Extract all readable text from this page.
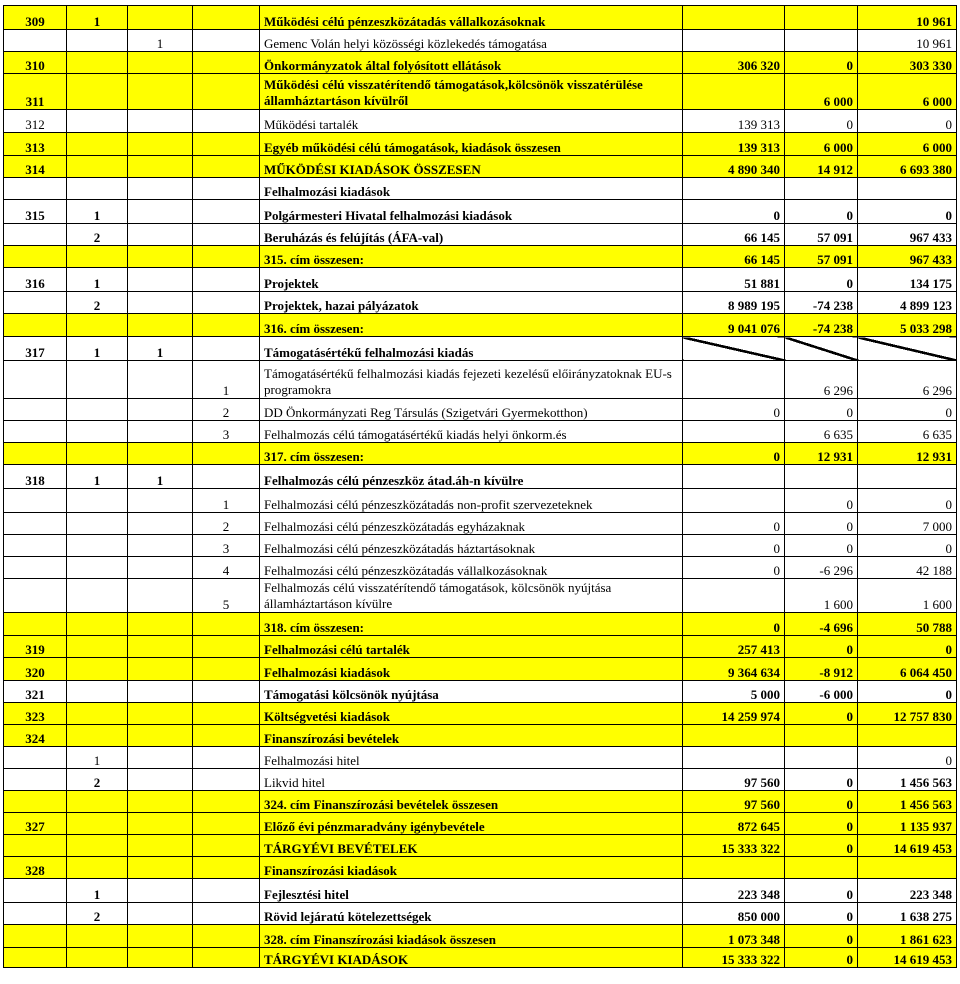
309	1			Működési célú pénzeszközátadás vállalkozásoknak			10 961
		1		Gemenc Volán helyi közösségi közlekedés támogatása			10 961
310				Önkormányzatok által folyósított ellátások	306 320	0	303 330
311				Működési célú visszatérítendő támogatások,kölcsönök visszatérülése államháztartáson kívülről		6 000	6 000
312				Működési tartalék	139 313	0	0
313				Egyéb működési célú támogatások, kiadások összesen	139 313	6 000	6 000
314				MŰKÖDÉSI KIADÁSOK ÖSSZESEN	4 890 340	14 912	6 693 380
				Felhalmozási kiadások			
315	1			Polgármesteri Hivatal felhalmozási kiadások	0	0	0
	2			Beruházás és felújítás (ÁFA-val)	66 145	57 091	967 433
				315. cím összesen:	66 145	57 091	967 433
316	1			Projektek	51 881	0	134 175
	2			Projektek, hazai pályázatok	8 989 195	-74 238	4 899 123
				316. cím összesen:	9 041 076	-74 238	5 033 298
317	1	1		Támogatásértékű felhalmozási kiadás			
			1	Támogatásértékű felhalmozási kiadás fejezeti kezelésű előirányzatoknak EU-s programokra		6 296	6 296
			2	DD Önkormányzati Reg Társulás (Szigetvári Gyermekotthon)	0	0	0
			3	Felhalmozás célú támogatásértékű kiadás helyi önkorm.és		6 635	6 635
				317. cím összesen:	0	12 931	12 931
318	1	1		Felhalmozás célú pénzeszköz átad.áh-n kívülre			
			1	Felhalmozási célú pénzeszközátadás non-profit szervezeteknek		0	0
			2	Felhalmozási célú pénzeszközátadás egyházaknak	0	0	7 000
			3	Felhalmozási célú pénzeszközátadás háztartásoknak	0	0	0
			4	Felhalmozási célú pénzeszközátadás vállalkozásoknak	0	-6 296	42 188
			5	Felhalmozás célú visszatérítendő támogatások, kölcsönök nyújtása államháztartáson kívülre		1 600	1 600
				318. cím összesen:	0	-4 696	50 788
319				Felhalmozási célú tartalék	257 413	0	0
320				Felhalmozási kiadások	9 364 634	-8 912	6 064 450
321				Támogatási kölcsönök nyújtása	5 000	-6 000	0
323				Költségvetési kiadások	14 259 974	0	12 757 830
324				Finanszírozási bevételek			
	1			Felhalmozási hitel			0
	2			Likvid hitel	97 560	0	1 456 563
				324. cím Finanszírozási bevételek összesen	97 560	0	1 456 563
327				Előző évi pénzmaradvány igénybevétele	872 645	0	1 135 937
				TÁRGYÉVI BEVÉTELEK	15 333 322	0	14 619 453
328				Finanszírozási kiadások			
	1			Fejlesztési hitel	223 348	0	223 348
	2			Rövid lejáratú kötelezettségek	850 000	0	1 638 275
				328. cím Finanszírozási kiadások összesen	1 073 348	0	1 861 623
				TÁRGYÉVI KIADÁSOK	15 333 322	0	14 619 453
